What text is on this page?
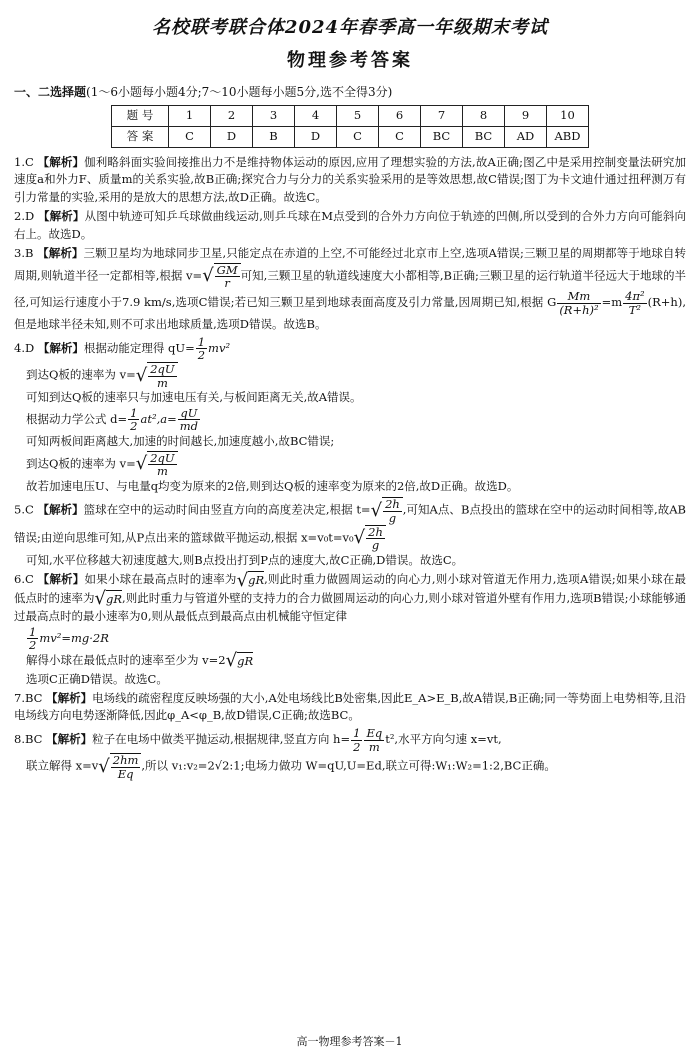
名校联考联合体2024年春季高一年级期末考试
物理参考答案
一、二选择题(1～6小题每小题4分;7～10小题每小题5分,选不全得3分)
题 号	1	2	3	4	5	6	7	8	9	10
答 案	C	D	B	D	C	C	BC	BC	AD	ABD
1.C 【解析】伽利略斜面实验间接推出力不是维持物体运动的原因,应用了理想实验的方法,故A正确;图乙中是采用控制变量法研究加速度a和外力F、质量m的关系实验,故B正确;探究合力与分力的关系实验采用的是等效思想,故C错误;图丁为卡文迪什通过扭秤测万有引力常量的实验,采用的是放大的思想方法,故D正确。故选C。
2.D 【解析】从图中轨迹可知乒乓球做曲线运动,则乒乓球在M点受到的合外力方向位于轨迹的凹侧,所以受到的合外力方向可能斜向右上。故选D。
3.B 【解析】三颗卫星均为地球同步卫星,只能定点在赤道的上空,不可能经过北京市上空,选项A错误;三颗卫星的周期都等于地球自转周期,则轨道半径一定都相等,根据 $v=√ \frac{GM}{r}$ 可知,三颗卫星的轨道线速度大小都相等,B正确;三颗卫星的运行轨道半径远大于地球的半径,可知运行速度小于7.9 km/s,选项C错误;若已知三颗卫星到地球表面高度及引力常量,因周期已知,根据 G $\frac{Mm}{\text{(R+h)²}} =m \frac{\text{4π²}}{\text{T²}} (R+h)$,但是地球半径未知,则不可求出地球质量,选项D错误。故选B。
4.D 【解析】根据动能定理得 $qU= \frac{1}{2} mv^2$
到达Q板的速率为 $v=√ \frac{2qU}{m}$
可知到达Q板的速率只与加速电压有关,与板间距离无关,故A错误。
根据动力学公式 $d= \frac{1}{2} at^2,a= \frac{qU}{md}$
可知两板间距离越大,加速的时间越长,加速度越小,故BC错误;
到达Q板的速率为 $v=√ \frac{2qU}{m}$
故若加速电压U、与电量q均变为原来的2倍,则到达Q板的速率变为原来的2倍,故D正确。故选D。
5.C 【解析】篮球在空中的运动时间由竖直方向的高度差决定,根据 $t=√ \frac{2h}{g}$ ,可知A点、B点投出的篮球在空中的运动时间相等,故AB错误;由逆向思维可知,从P点出来的篮球做平抛运动,根据 $x=v_0t=v_0√ \frac{2h}{g}$
可知,水平位移越大初速度越大,则B点投出打到P点的速度大,故C正确,D错误。故选C。
6.C 【解析】如果小球在最高点时的速率为√gR,则此时重力做圆周运动的向心力,则小球对管道无作用力,选项A错误;如果小球在最低点时的速率为√gR,则此时重力与管道外壁的支持力的合力做圆周运动的向心力,则小球对管道外壁有作用力,选项B错误;小球能够通过最高点时的最小速率为0,则从最低点到最高点由机械能守恒定律
$\frac{1}{2} mv^2=mg\cdot 2R$
解得小球在最低点时的速率至少为 v=2√gR
选项C正确D错误。故选C。
7.BC 【解析】电场线的疏密程度反映场强的大小,A处电场线比B处密集,因此E_A>E_B,故A错误,B正确;同一等势面上电势相等,且沿电场线方向电势逐渐降低,因此φ_A<φ_B,故D错误,C正确;故选BC。
8.BC 【解析】粒子在电场中做类平抛运动,根据规律,竖直方向 $h= \frac{1}{2} \frac{Eq}{m} t^2$,水平方向匀速 x=vt,
联立解得 $x=v√ \frac{2hm}{Eq}$ ,所以 v₁:v₂=2√2:1;电场力做功 W=qU,U=Ed,联立可得:W₁:W₂=1:2,BC正确。
高一物理参考答案－1
